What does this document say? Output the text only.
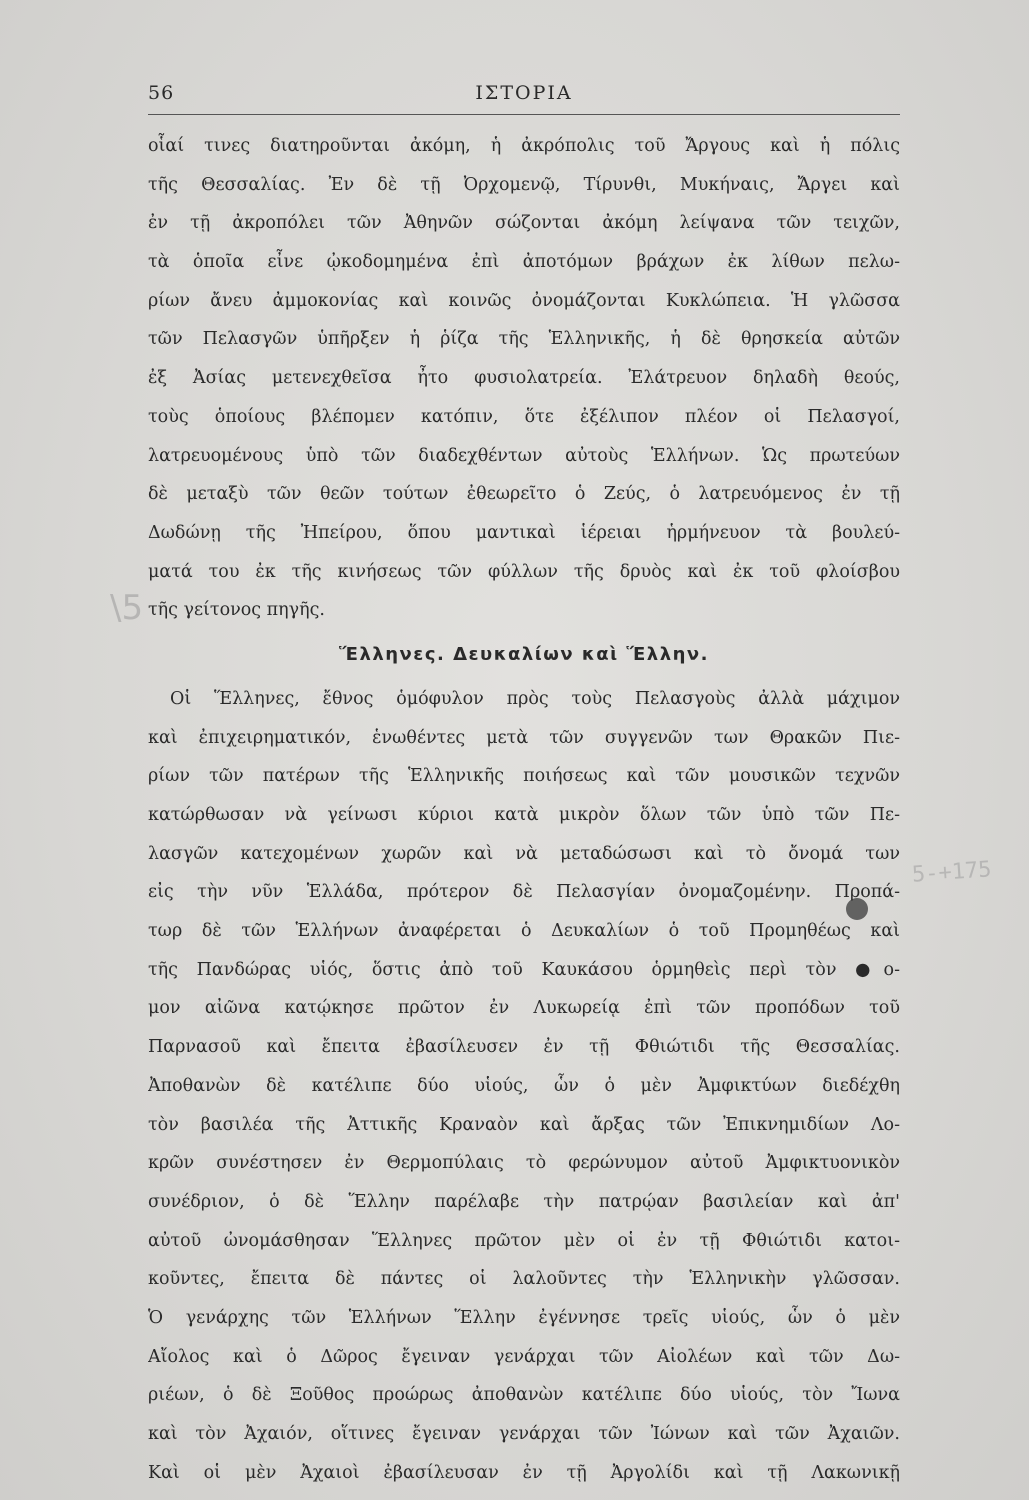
56	ΙΣΤΟΡΙΑ
\5
5-+175
οἷαί τινες διατηροῦνται ἀκόμη, ἡ ἀκρόπολις τοῦ Ἄργους καὶ ἡ πόλις
τῆς Θεσσαλίας. Ἐν δὲ τῇ Ὀρχομενῷ, Τίρυνθι, Μυκήναις, Ἄργει καὶ
ἐν τῇ ἀκροπόλει τῶν Ἀθηνῶν σώζονται ἀκόμη λείψανα τῶν τειχῶν,
τὰ ὁποῖα εἶνε ᾠκοδομημένα ἐπὶ ἀποτόμων βράχων ἐκ λίθων πελω-
ρίων ἄνευ ἀμμοκονίας καὶ κοινῶς ὀνομάζονται Κυκλώπεια. Ἡ γλῶσσα
τῶν Πελασγῶν ὑπῆρξεν ἡ ῥίζα τῆς Ἑλληνικῆς, ἡ δὲ θρησκεία αὐτῶν
ἐξ Ἀσίας μετενεχθεῖσα ἦτο φυσιολατρεία. Ἐλάτρευον δηλαδὴ θεούς,
τοὺς ὁποίους βλέπομεν κατόπιν, ὅτε ἐξέλιπον πλέον οἱ Πελασγοί,
λατρευομένους ὑπὸ τῶν διαδεχθέντων αὐτοὺς Ἑλλήνων. Ὡς πρωτεύων
δὲ μεταξὺ τῶν θεῶν τούτων ἐθεωρεῖτο ὁ Ζεύς, ὁ λατρευόμενος ἐν τῇ
Δωδώνῃ τῆς Ἠπείρου, ὅπου μαντικαὶ ἱέρειαι ἡρμήνευον τὰ βουλεύ-
ματά του ἐκ τῆς κινήσεως τῶν φύλλων τῆς δρυὸς καὶ ἐκ τοῦ φλοίσβου
τῆς γείτονος πηγῆς.
Ἕλληνες. Δευκαλίων καὶ Ἕλλην.
Οἱ Ἕλληνες, ἔθνος ὁμόφυλον πρὸς τοὺς Πελασγοὺς ἀλλὰ μάχιμον
καὶ ἐπιχειρηματικόν, ἑνωθέντες μετὰ τῶν συγγενῶν των Θρακῶν Πιε-
ρίων τῶν πατέρων τῆς Ἑλληνικῆς ποιήσεως καὶ τῶν μουσικῶν τεχνῶν
κατώρθωσαν νὰ γείνωσι κύριοι κατὰ μικρὸν ὅλων τῶν ὑπὸ τῶν Πε-
λασγῶν κατεχομένων χωρῶν καὶ νὰ μεταδώσωσι καὶ τὸ ὄνομά των
εἰς τὴν νῦν Ἑλλάδα, πρότερον δὲ Πελασγίαν ὀνομαζομένην. Προπά-
τωρ δὲ τῶν Ἑλλήνων ἀναφέρεται ὁ Δευκαλίων ὁ τοῦ Προμηθέως καὶ
τῆς Πανδώρας υἱός, ὅστις ἀπὸ τοῦ Καυκάσου ὁρμηθεὶς περὶ τὸν ●ο-
μον αἰῶνα κατῴκησε πρῶτον ἐν Λυκωρείᾳ ἐπὶ τῶν προπόδων τοῦ
Παρνασοῦ καὶ ἔπειτα ἐβασίλευσεν ἐν τῇ Φθιώτιδι τῆς Θεσσαλίας.
Ἀποθανὼν δὲ κατέλιπε δύο υἱούς, ὧν ὁ μὲν Ἀμφικτύων διεδέχθη
τὸν βασιλέα τῆς Ἀττικῆς Κραναὸν καὶ ἄρξας τῶν Ἐπικνημιδίων Λο-
κρῶν συνέστησεν ἐν Θερμοπύλαις τὸ φερώνυμον αὐτοῦ Ἀμφικτυονικὸν
συνέδριον, ὁ δὲ Ἕλλην παρέλαβε τὴν πατρῴαν βασιλείαν καὶ ἀπ'
αὐτοῦ ὠνομάσθησαν Ἕλληνες πρῶτον μὲν οἱ ἐν τῇ Φθιώτιδι κατοι-
κοῦντες, ἔπειτα δὲ πάντες οἱ λαλοῦντες τὴν Ἑλληνικὴν γλῶσσαν.
Ὁ γενάρχης τῶν Ἑλλήνων Ἕλλην ἐγέννησε τρεῖς υἱούς, ὧν ὁ μὲν
Αἴολος καὶ ὁ Δῶρος ἔγειναν γενάρχαι τῶν Αἰολέων καὶ τῶν Δω-
ριέων, ὁ δὲ Ξοῦθος προώρως ἀποθανὼν κατέλιπε δύο υἱούς, τὸν Ἴωνα
καὶ τὸν Ἀχαιόν, οἵτινες ἔγειναν γενάρχαι τῶν Ἰώνων καὶ τῶν Ἀχαιῶν.
Καὶ οἱ μὲν Ἀχαιοὶ ἐβασίλευσαν ἐν τῇ Ἀργολίδι καὶ τῇ Λακωνικῇ
